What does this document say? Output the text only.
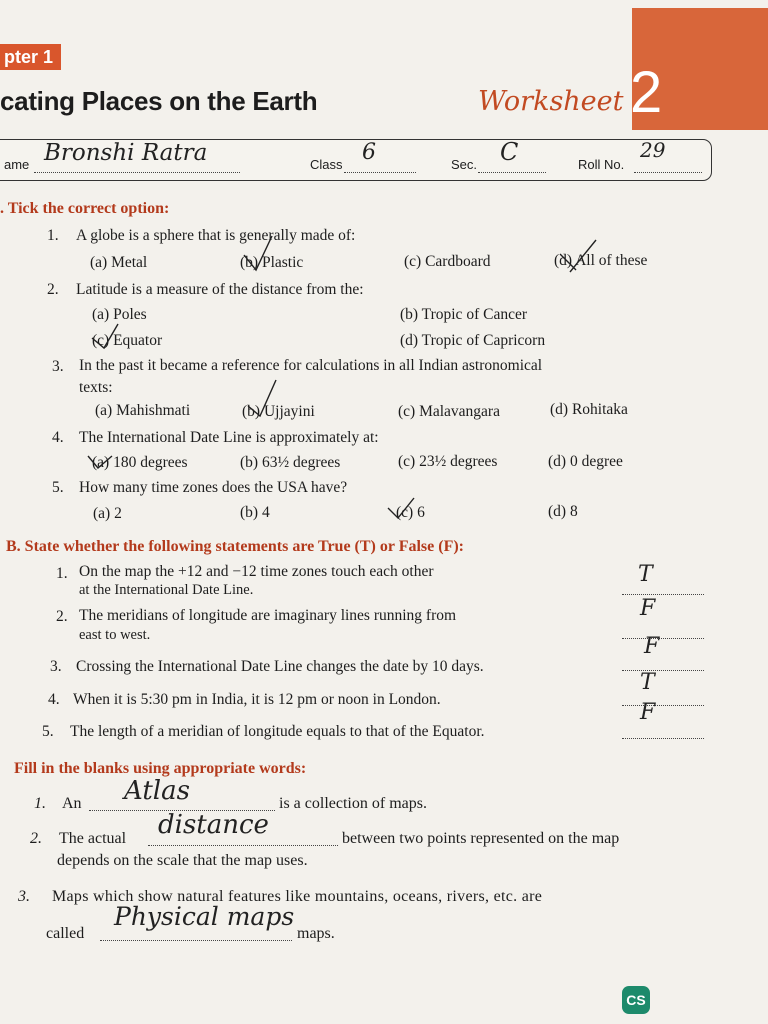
pter 1
cating Places on the Earth	Worksheet 2
ame Bronshi Ratra	Class 6	Sec. C	Roll No.
29
. Tick the correct option:
1. A globe is a sphere that is generally made of:
(a) Metal	(b) Plastic	(c) Cardboard	(d) All of these
2. Latitude is a measure of the distance from the:
(a) Poles	(b) Tropic of Cancer
(c) Equator	(d) Tropic of Capricorn
3. In the past it became a reference for calculations in all Indian astronomical
texts:
(a) Mahishmati	(b) Ujjayini	(c) Malavangara	(d) Rohitaka
4. The International Date Line is approximately at:
(a) 180 degrees	(b) 63½ degrees	(c) 23½ degrees	(d) 0 degree
5. How many time zones does the USA have?
(a) 2	(b) 4	(c) 6	(d) 8
B. State whether the following statements are True (T) or False (F):
1. On the map the +12 and −12 time zones touch each other
at the International Date Line.
T
2. The meridians of longitude are imaginary lines running from
east to west.
F
3. Crossing the International Date Line changes the date by 10 days.
F
4. When it is 5:30 pm in India, it is 12 pm or noon in London.
T
5. The length of a meridian of longitude equals to that of the Equator.
F
Fill in the blanks using appropriate words:
1. An Atlas	is a collection of maps.
2. The actual distance	between two points represented on the map
depends on the scale that the map uses.
3. Maps which show natural features like mountains, oceans, rivers, etc. are
called
Physical maps
maps.
CS
